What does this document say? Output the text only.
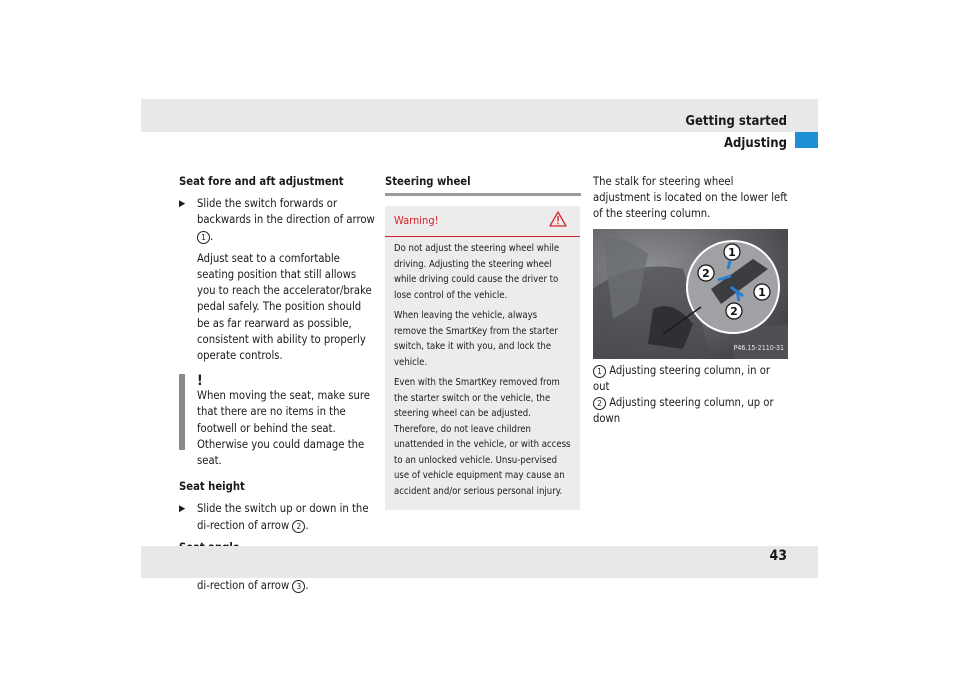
Getting started
Adjusting

Seat fore and aft adjustment

▶ Slide the switch forwards or backwards in the direction of arrow 1 .
Adjust seat to a comfortable seating position that still allows you to reach the accelerator/brake pedal safely. The position should be as far rearward as possible, consistent with ability to properly operate controls.
!
When moving the seat, make sure that there are no items in the footwell or behind the seat. Otherwise you could damage the seat.

Seat height

▶ Slide the switch up or down in the di-rection of arrow 2 .

di-rection of arrow 3 .

Steering wheel

Warning!

Do not adjust the steering wheel while driving. Adjusting the steering wheel while driving could cause the driver to lose control of the vehicle.

When leaving the vehicle, always remove the SmartKey from the starter switch, take it with you, and lock the vehicle.

Even with the SmartKey removed from the starter switch or the vehicle, the steering wheel can be adjusted. Therefore, do not leave children unattended in the vehicle, or with access to an unlocked vehicle. Unsu-pervised use of vehicle equipment may cause an accident and/or serious personal injury.

The stalk for steering wheel adjustment is located on the lower left of the steering column.
1
2
1
2
P46.15-2110-31

1 Adjusting steering column, in or out

2 Adjusting steering column, up or down

43
